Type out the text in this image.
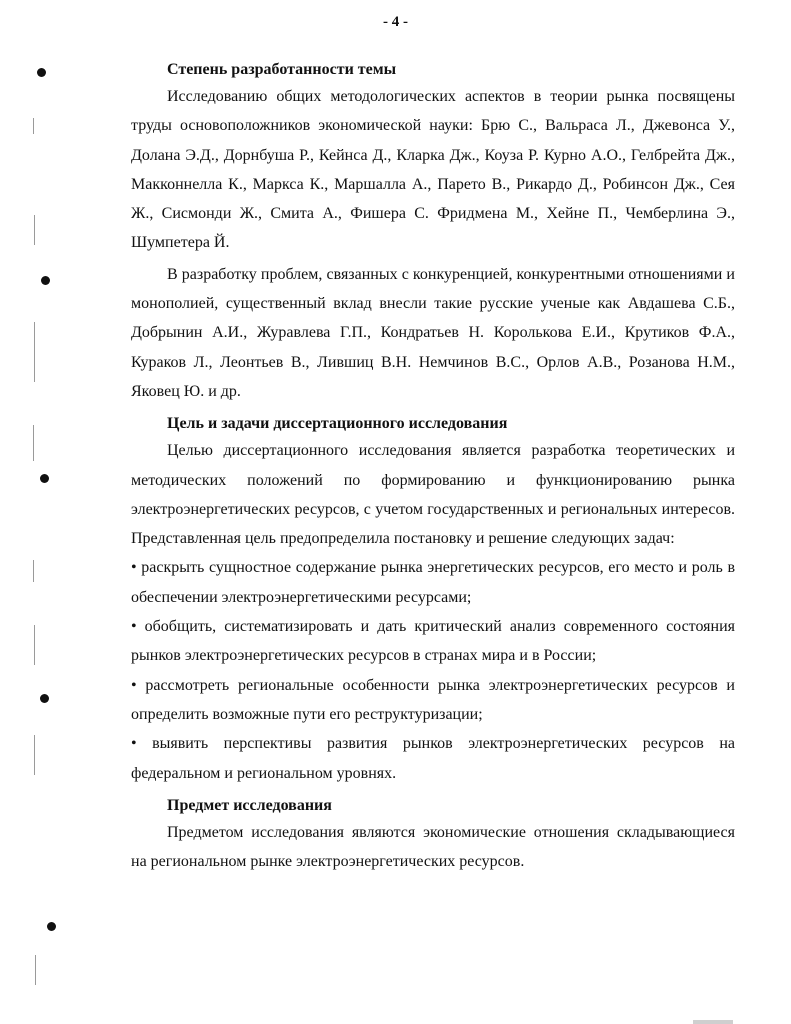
- 4 -

Степень разработанности темы

Исследованию общих методологических аспектов в теории рынка посвящены труды основоположников экономической науки: Брю С., Вальраса Л., Джевонса У., Долана Э.Д., Дорнбуша Р., Кейнса Д., Кларка Дж., Коуза Р. Курно А.О., Гелбрейта Дж., Макконнелла К., Маркса К., Маршалла А., Парето В., Рикардо Д., Робинсон Дж., Сея Ж., Сисмонди Ж., Смита А., Фишера С. Фридмена М., Хейне П., Чемберлина Э., Шумпетера Й.

В разработку проблем, связанных с конкуренцией, конкурентными отношениями и монополией, существенный вклад внесли такие русские ученые как Авдашева С.Б., Добрынин А.И., Журавлева Г.П., Кондратьев Н. Королькова Е.И., Крутиков Ф.А., Кураков Л., Леонтьев В., Лившиц В.Н. Немчинов В.С., Орлов А.В., Розанова Н.М., Яковец Ю. и др.

Цель и задачи диссертационного исследования

Целью диссертационного исследования является разработка теоретических и методических положений по формированию и функционированию рынка электроэнергетических ресурсов, с учетом государственных и региональных интересов. Представленная цель предопределила постановку и решение следующих задач:

• раскрыть сущностное содержание рынка энергетических ресурсов, его место и роль в обеспечении электроэнергетическими ресурсами;

• обобщить, систематизировать и дать критический анализ современного состояния рынков электроэнергетических ресурсов в странах мира и в России;

• рассмотреть региональные особенности рынка электроэнергетических ресурсов и определить возможные пути его реструктуризации;

• выявить перспективы развития рынков электроэнергетических ресурсов на федеральном и региональном уровнях.

Предмет исследования

Предметом исследования являются экономические отношения складывающиеся на региональном рынке электроэнергетических ресурсов.
